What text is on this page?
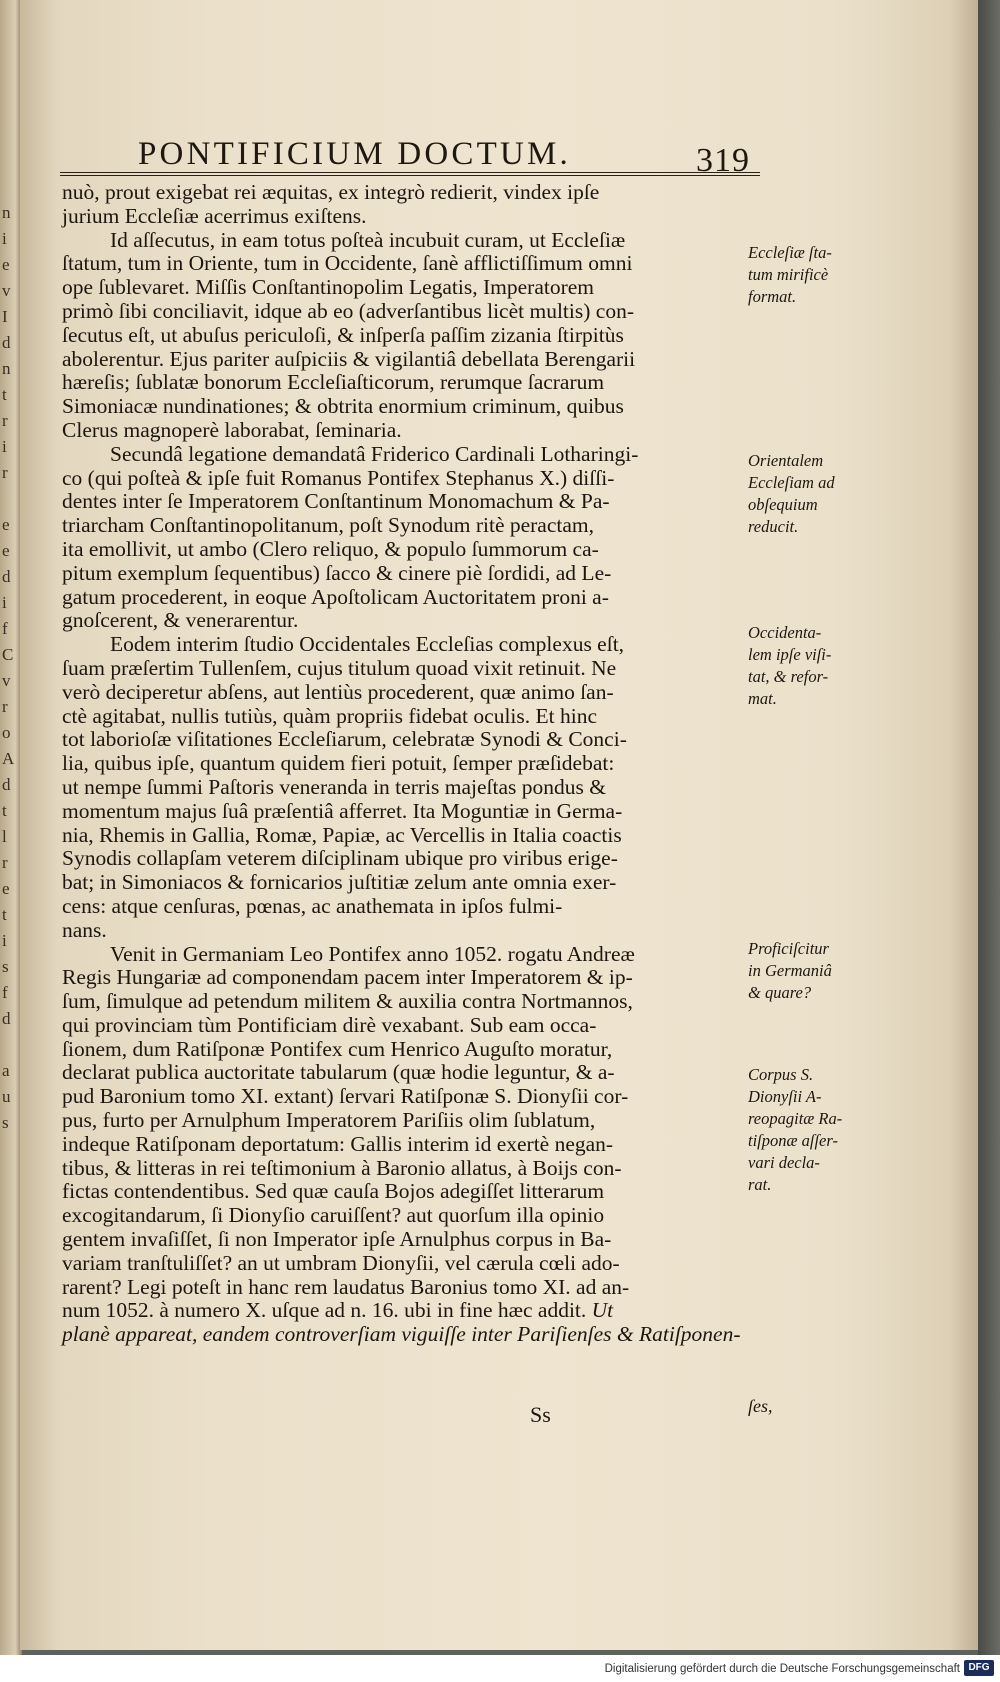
n
i
e
v
I
d
n
t
r
i
r

e
e
d
i
f
C
v
r
o
A
d
t
l
r
e
t
i
s
f
d

a
u
s
PONTIFICIUM DOCTUM.	319
nuò, prout exigebat rei æquitas, ex integrò redierit, vindex ipſe
jurium Eccleſiæ acerrimus exiſtens.
Id aſſecutus, in eam totus poſteà incubuit curam, ut Eccleſiæ
ſtatum, tum in Oriente, tum in Occidente, ſanè afflictiſſimum omni
ope ſublevaret. Miſſis Conſtantinopolim Legatis, Imperatorem
primò ſibi conciliavit, idque ab eo (adverſantibus licèt multis) con-
ſecutus eſt, ut abuſus periculoſi, & inſperſa paſſim zizania ſtirpitùs
abolerentur. Ejus pariter auſpiciis & vigilantiâ debellata Berengarii
hæreſis; ſublatæ bonorum Eccleſiaſticorum, rerumque ſacrarum
Simoniacæ nundinationes; & obtrita enormium criminum, quibus
Clerus magnoperè laborabat, ſeminaria.
Secundâ legatione demandatâ Friderico Cardinali Lotharingi-
co (qui poſteà & ipſe fuit Romanus Pontifex Stephanus X.) diſſi-
dentes inter ſe Imperatorem Conſtantinum Monomachum & Pa-
triarcham Conſtantinopolitanum, poſt Synodum ritè peractam,
ita emollivit, ut ambo (Clero reliquo, & populo ſummorum ca-
pitum exemplum ſequentibus) ſacco & cinere piè ſordidi, ad Le-
gatum procederent, in eoque Apoſtolicam Auctoritatem proni a-
gnoſcerent, & venerarentur.
Eodem interim ſtudio Occidentales Eccleſias complexus eſt,
ſuam præſertim Tullenſem, cujus titulum quoad vixit retinuit. Ne
verò deciperetur abſens, aut lentiùs procederent, quæ animo ſan-
ctè agitabat, nullis tutiùs, quàm propriis fidebat oculis. Et hinc
tot laborioſæ viſitationes Eccleſiarum, celebratæ Synodi & Conci-
lia, quibus ipſe, quantum quidem fieri potuit, ſemper præſidebat:
ut nempe ſummi Paſtoris veneranda in terris majeſtas pondus &
momentum majus ſuâ præſentiâ afferret. Ita Moguntiæ in Germa-
nia, Rhemis in Gallia, Romæ, Papiæ, ac Vercellis in Italia coactis
Synodis collapſam veterem diſciplinam ubique pro viribus erige-
bat; in Simoniacos & fornicarios juſtitiæ zelum ante omnia exer-
cens: atque cenſuras, pœnas, ac anathemata in ipſos fulmi-
nans.
Venit in Germaniam Leo Pontifex anno 1052. rogatu Andreæ
Regis Hungariæ ad componendam pacem inter Imperatorem & ip-
ſum, ſimulque ad petendum militem & auxilia contra Nortmannos,
qui provinciam tùm Pontificiam dirè vexabant. Sub eam occa-
ſionem, dum Ratiſponæ Pontifex cum Henrico Auguſto moratur,
declarat publica auctoritate tabularum (quæ hodie leguntur, & a-
pud Baronium tomo XI. extant) ſervari Ratiſponæ S. Dionyſii cor-
pus, furto per Arnulphum Imperatorem Pariſiis olim ſublatum,
indeque Ratiſponam deportatum: Gallis interim id exertè negan-
tibus, & litteras in rei teſtimonium à Baronio allatus, à Boijs con-
fictas contendentibus. Sed quæ cauſa Bojos adegiſſet litterarum
excogitandarum, ſi Dionyſio caruiſſent? aut quorſum illa opinio
gentem invaſiſſet, ſi non Imperator ipſe Arnulphus corpus in Ba-
variam tranſtuliſſet? an ut umbram Dionyſii, vel cærula cœli ado-
rarent? Legi poteſt in hanc rem laudatus Baronius tomo XI. ad an-
num 1052. à numero X. uſque ad n. 16. ubi in fine hæc addit. Ut
planè appareat, eandem controverſiam viguiſſe inter Pariſienſes & Ratiſponen-
Eccleſiæ ſta-
tum mirificè
format.
Orientalem
Eccleſiam ad
obſequium
reducit.
Occidenta-
lem ipſe viſi-
tat, & refor-
mat.
Proficiſcitur
in Germaniâ
& quare?
Corpus S.
Dionyſii A-
reopagitæ Ra-
tiſponæ aſſer-
vari decla-
rat.
Ss	ſes,
Digitalisierung gefördert durch die Deutsche Forschungsgemeinschaft DFG
